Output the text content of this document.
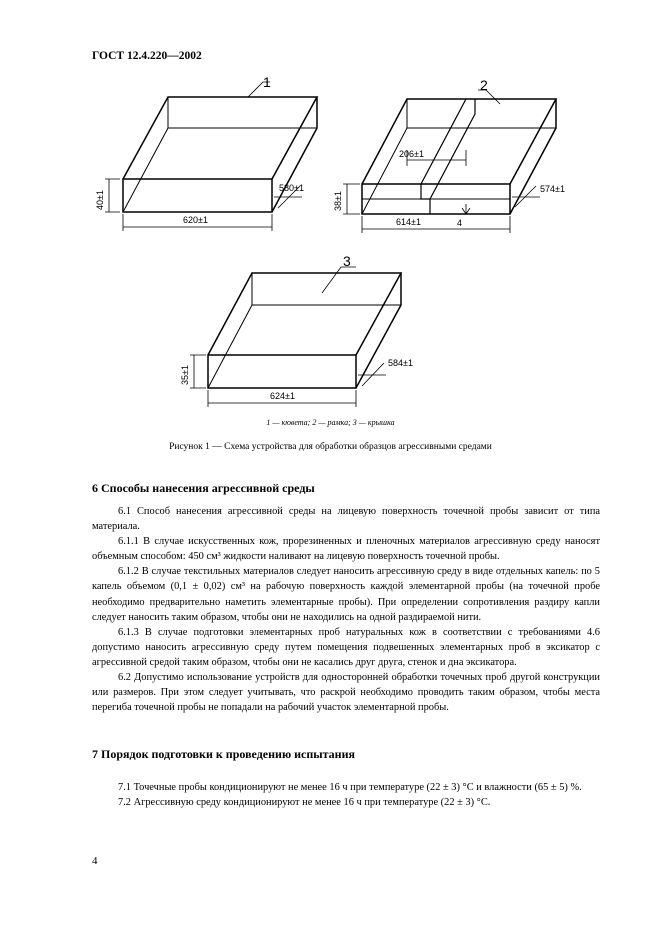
ГОСТ 12.4.220—2002
1
620±1
40±1
580±1
2
206±1
38±1
614±1	4
574±1
3
624±1
35±1
584±1
1 — кювета; 2 — рамка; 3 — крышка
Рисунок 1 — Схема устройства для обработки образцов агрессивными средами
6 Способы нанесения агрессивной среды

6.1 Способ нанесения агрессивной среды на лицевую поверхность точечной пробы зависит от типа материала.

6.1.1 В случае искусственных кож, прорезиненных и пленочных материалов агрессивную среду наносят объемным способом: 450 см³ жидкости наливают на лицевую поверхность точечной пробы.

6.1.2 В случае текстильных материалов следует наносить агрессивную среду в виде отдельных капель: по 5 капель объемом (0,1 ± 0,02) см³ на рабочую поверхность каждой элементарной пробы (на точечной пробе необходимо предварительно наметить элементарные пробы). При определении сопротивления раздиру капли следует наносить таким образом, чтобы они не находились на одной раздираемой нити.

6.1.3 В случае подготовки элементарных проб натуральных кож в соответствии с требованиями 4.6 допустимо наносить агрессивную среду путем помещения подвешенных элементарных проб в эксикатор с агрессивной средой таким образом, чтобы они не касались друг друга, стенок и дна эксикатора.

6.2 Допустимо использование устройств для односторонней обработки точечных проб другой конструкции или размеров. При этом следует учитывать, что раскрой необходимо проводить таким образом, чтобы места перегиба точечной пробы не попадали на рабочий участок элементарной пробы.

7 Порядок подготовки к проведению испытания

7.1 Точечные пробы кондиционируют не менее 16 ч при температуре (22 ± 3) °С и влажности (65 ± 5) %.

7.2 Агрессивную среду кондиционируют не менее 16 ч при температуре (22 ± 3) °С.

4
